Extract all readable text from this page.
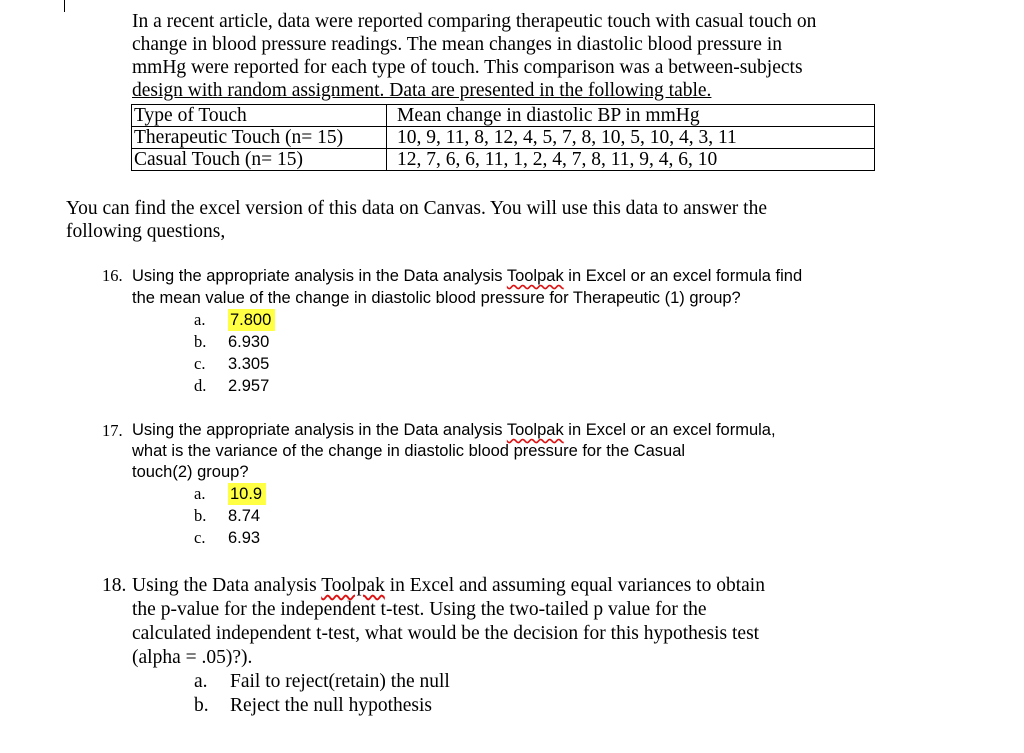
In a recent article, data were reported comparing therapeutic touch with casual touch on
change in blood pressure readings. The mean changes in diastolic blood pressure in
mmHg were reported for each type of touch. This comparison was a between-subjects
design with random assignment. Data are presented in the following table.
Type of Touch	Mean change in diastolic BP in mmHg
Therapeutic Touch (n= 15)	10, 9, 11, 8, 12, 4, 5, 7, 8, 10, 5, 10, 4, 3, 11
Casual Touch (n= 15)	12, 7, 6, 6, 11, 1, 2, 4, 7, 8, 11, 9, 4, 6, 10
You can find the excel version of this data on Canvas. You will use this data to answer the
following questions,
16. Using the appropriate analysis in the Data analysis Toolpak in Excel or an excel formula find
the mean value of the change in diastolic blood pressure for Therapeutic (1) group?
a.	7.800
b.	6.930
c.	3.305
d.	2.957
17. Using the appropriate analysis in the Data analysis Toolpak in Excel or an excel formula,
what is the variance of the change in diastolic blood pressure for the Casual
touch(2) group?
a.	10.9
b.	8.74
c.	6.93
18. Using the Data analysis Toolpak in Excel and assuming equal variances to obtain
the p-value for the independent t-test. Using the two-tailed p value for the
calculated independent t-test, what would be the decision for this hypothesis test
(alpha = .05)?).
a.	Fail to reject(retain) the null
b.	Reject the null hypothesis
